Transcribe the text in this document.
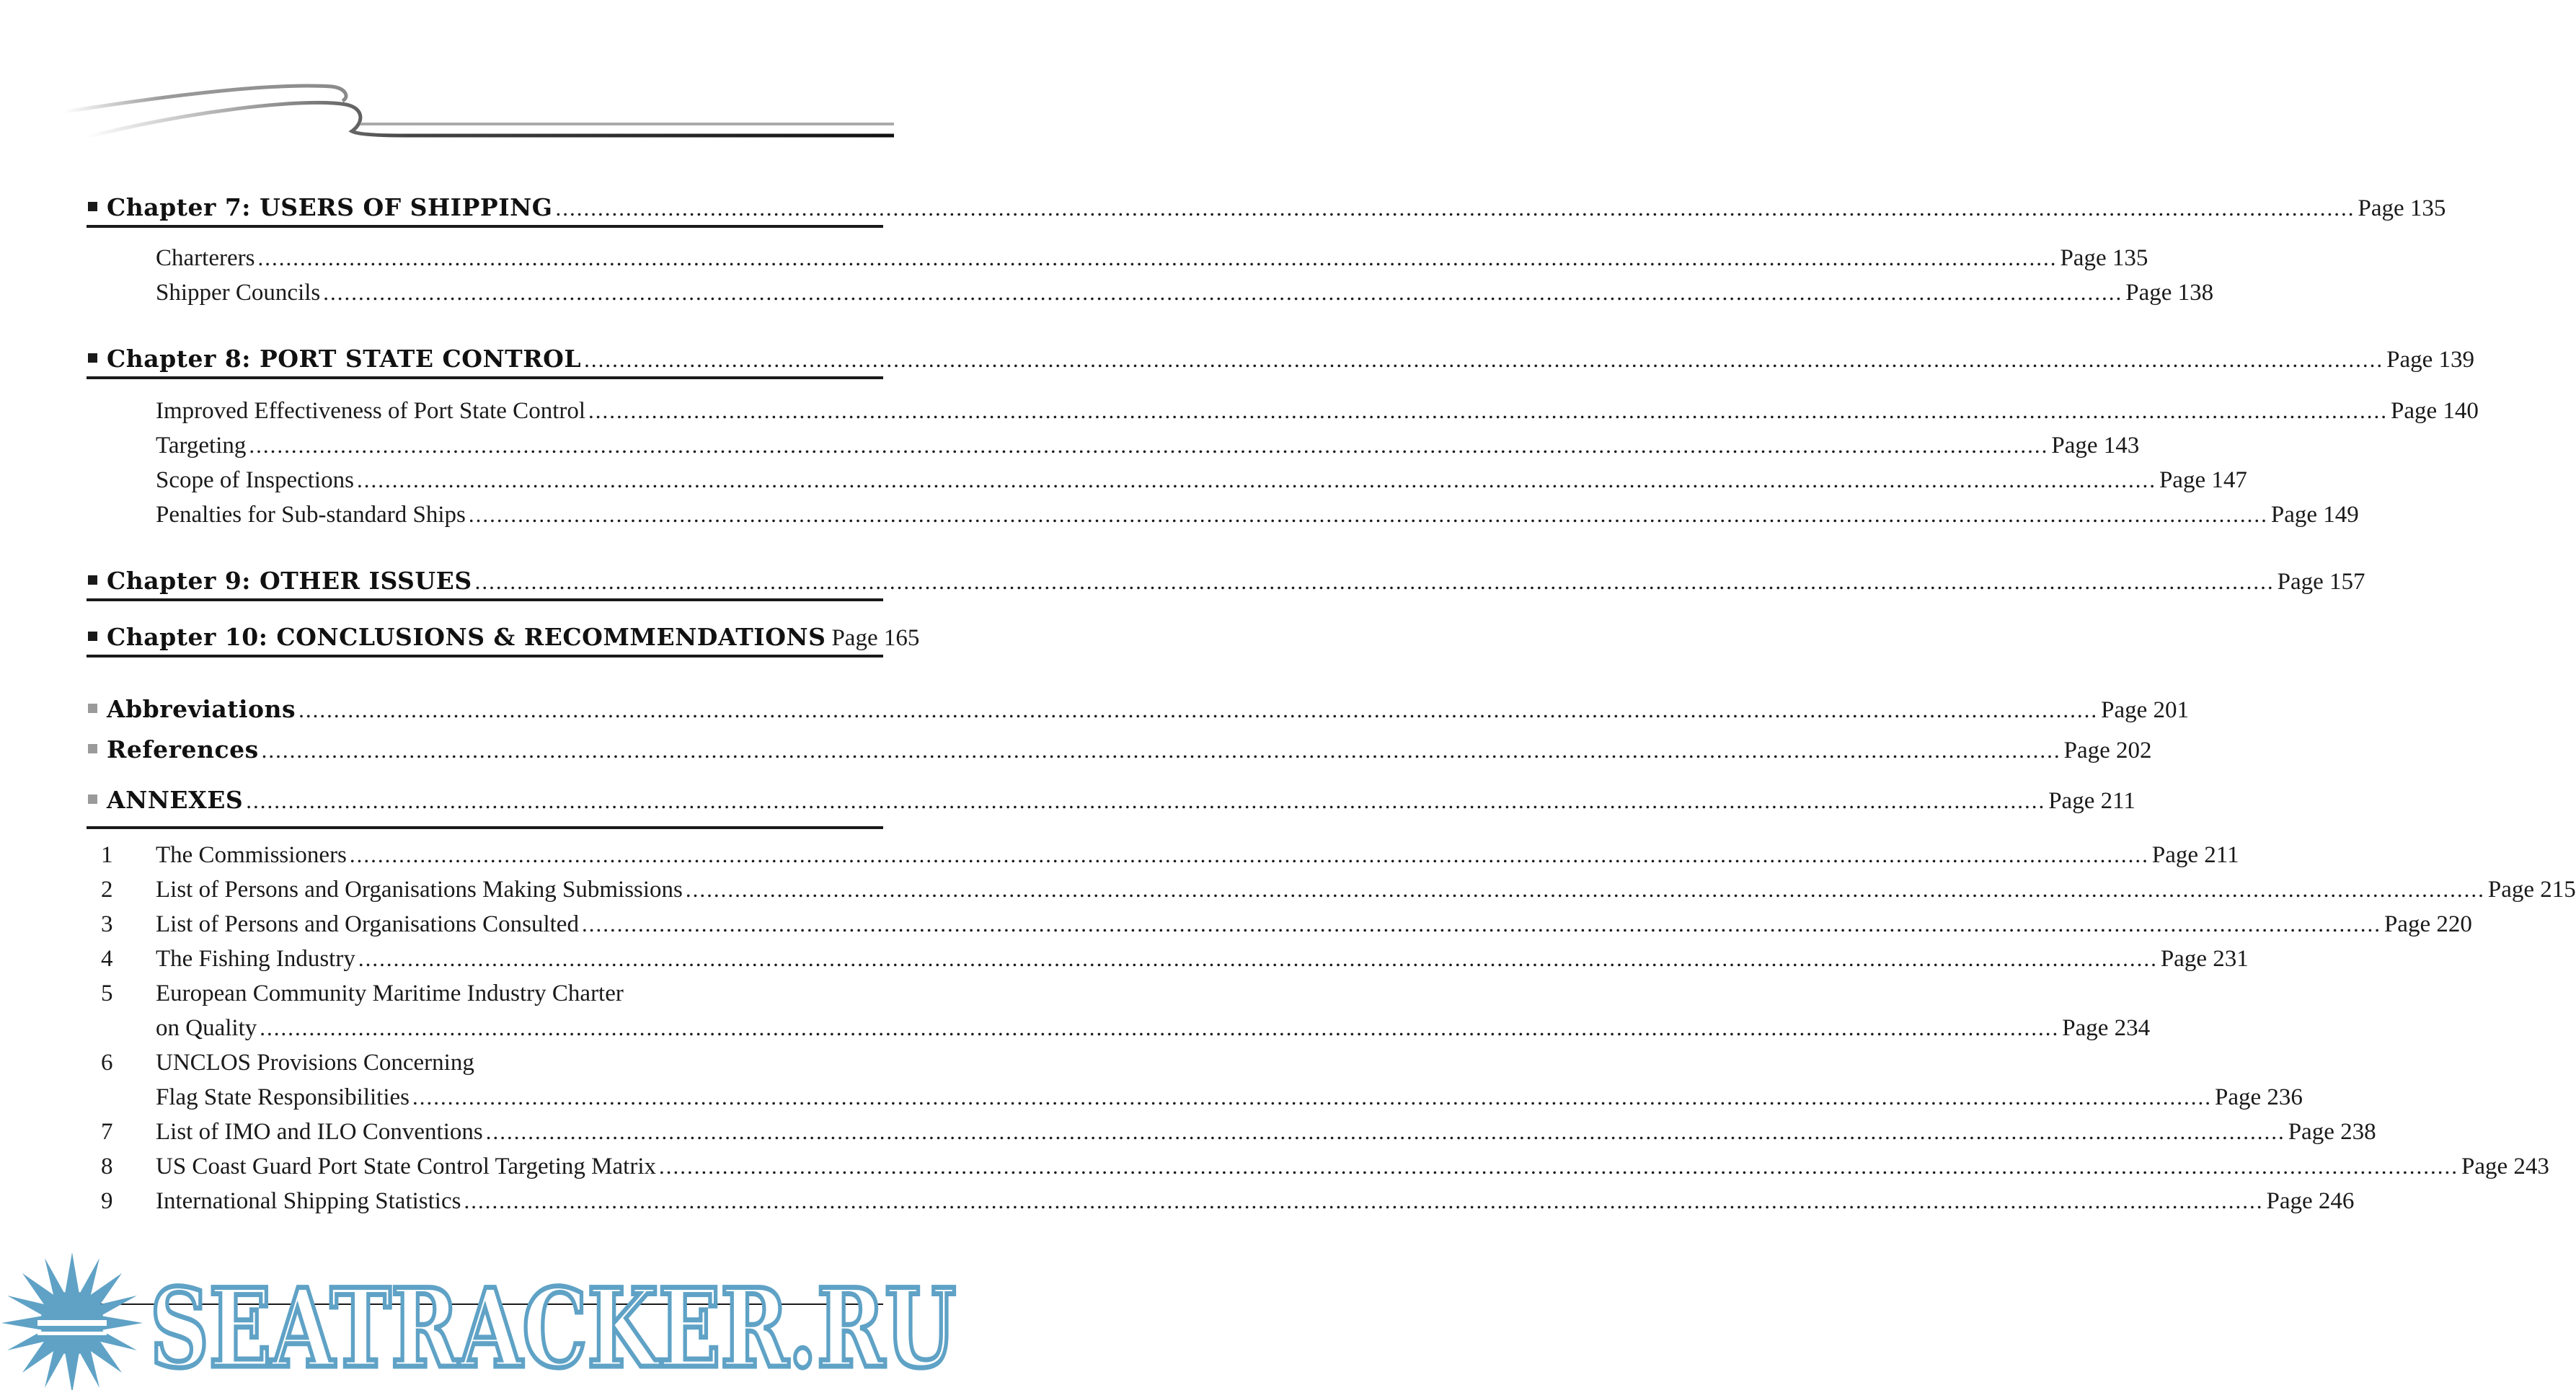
Chapter 7: USERS OF SHIPPING .....	Page 135
Charterers .....	Page 135
Shipper Councils .....	Page 138
Chapter 8: PORT STATE CONTROL .....	Page 139
Improved Effectiveness of Port State Control .....	Page 140
Targeting .....	Page 143
Scope of Inspections .....	Page 147
Penalties for Sub-standard Ships .....	Page 149
Chapter 9: OTHER ISSUES .....	Page 157
Chapter 10: CONCLUSIONS & RECOMMENDATIONS Page 165
Abbreviations .....	Page 201
References .....	Page 202
ANNEXES .....	Page 211
1	The Commissioners .....	Page 211
2	List of Persons and Organisations Making Submissions .....	Page 215
3	List of Persons and Organisations Consulted .....	Page 220
4	The Fishing Industry .....	Page 231
5	European Community Maritime Industry Charter
on Quality .....	Page 234
6	UNCLOS Provisions Concerning
Flag State Responsibilities .....	Page 236
7	List of IMO and ILO Conventions .....	Page 238
8	US Coast Guard Port State Control Targeting Matrix .....	Page 243
9	International Shipping Statistics .....	Page 246
SEATRACKER.RU
